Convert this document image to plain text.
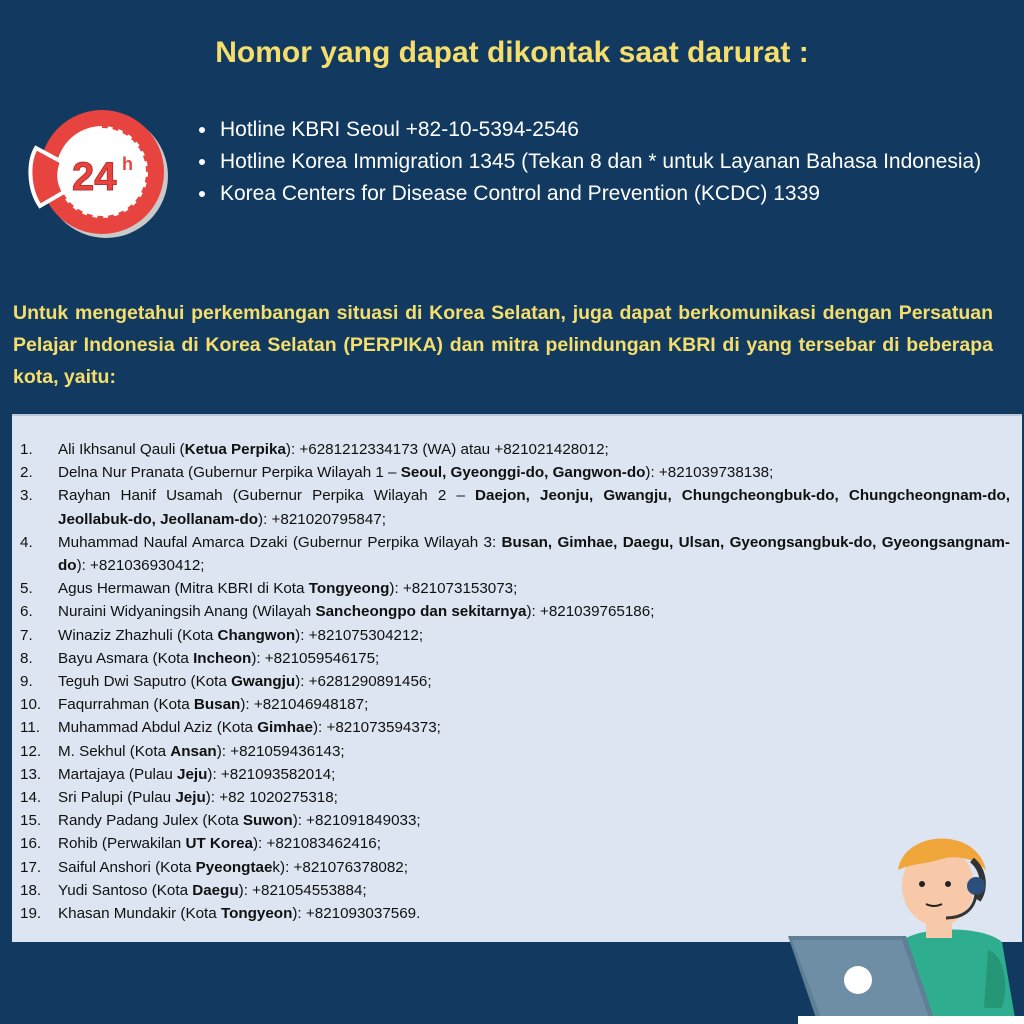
Nomor yang dapat dikontak saat darurat :
24 h
• Hotline KBRI Seoul +82-10-5394-2546
• Hotline Korea Immigration 1345 (Tekan 8 dan * untuk Layanan Bahasa Indonesia)
• Korea Centers for Disease Control and Prevention (KCDC) 1339

Untuk mengetahui perkembangan situasi di Korea Selatan, juga dapat berkomunikasi dengan Persatuan Pelajar Indonesia di Korea Selatan (PERPIKA) dan mitra pelindungan KBRI di yang tersebar di beberapa kota, yaitu:

1. Ali Ikhsanul Qauli (Ketua Perpika): +6281212334173 (WA) atau +821021428012;
2. Delna Nur Pranata (Gubernur Perpika Wilayah 1 – Seoul, Gyeonggi-do, Gangwon-do): +821039738138;
3. Rayhan Hanif Usamah (Gubernur Perpika Wilayah 2 – Daejon, Jeonju, Gwangju, Chungcheongbuk-do, Chungcheongnam-do, Jeollabuk-do, Jeollanam-do): +821020795847;
4. Muhammad Naufal Amarca Dzaki (Gubernur Perpika Wilayah 3: Busan, Gimhae, Daegu, Ulsan, Gyeongsangbuk-do, Gyeongsangnam-do): +821036930412;
5. Agus Hermawan (Mitra KBRI di Kota Tongyeong): +821073153073;
6. Nuraini Widyaningsih Anang (Wilayah Sancheongpo dan sekitarnya): +821039765186;
7. Winaziz Zhazhuli (Kota Changwon): +821075304212;
8. Bayu Asmara (Kota Incheon): +821059546175;
9. Teguh Dwi Saputro (Kota Gwangju): +6281290891456;
10. Faqurrahman (Kota Busan): +821046948187;
11. Muhammad Abdul Aziz (Kota Gimhae): +821073594373;
12. M. Sekhul (Kota Ansan): +821059436143;
13. Martajaya (Pulau Jeju): +821093582014;
14. Sri Palupi (Pulau Jeju): +82 1020275318;
15. Randy Padang Julex (Kota Suwon): +821091849033;
16. Rohib (Perwakilan UT Korea): +821083462416;
17. Saiful Anshori (Kota Pyeongtaek): +821076378082;
18. Yudi Santoso (Kota Daegu): +821054553884;
19. Khasan Mundakir (Kota Tongyeon): +821093037569.
